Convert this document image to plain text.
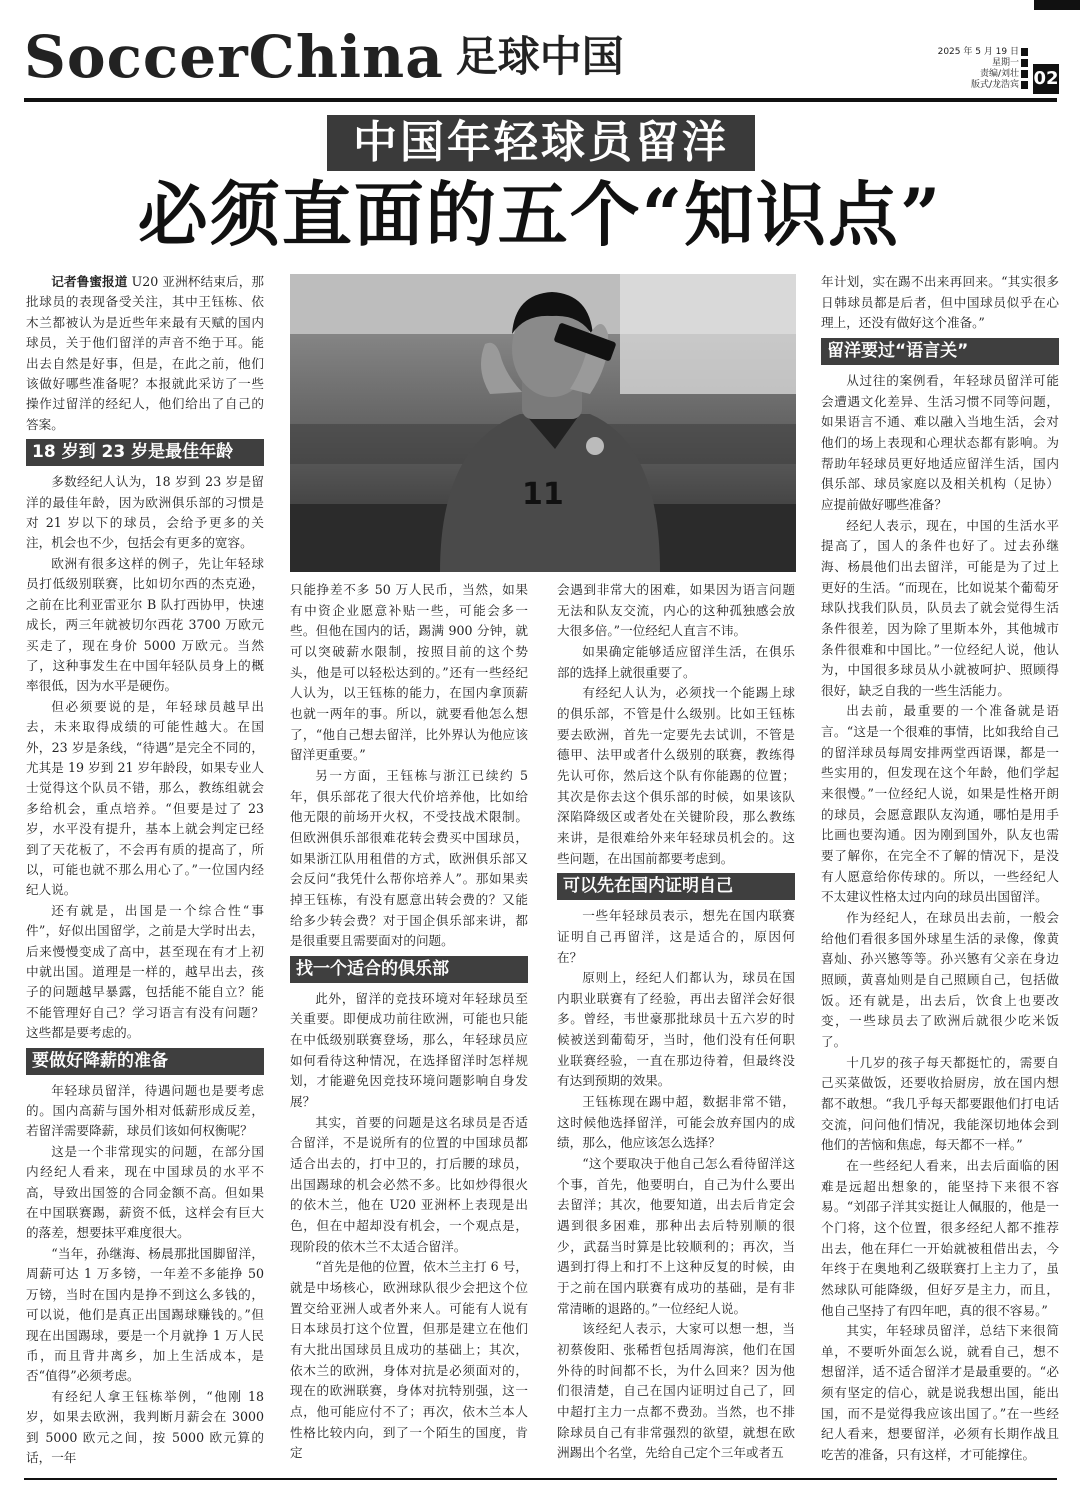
SoccerChina 足球中国	2025 年 5 月 19 日
星期一
责编/刘壮
版式/龙浩宾 02
中国年轻球员留洋
必须直面的五个“知识点”
11

记者鲁蜜报道 U20 亚洲杯结束后，那批球员的表现备受关注，其中王钰栋、依木兰都被认为是近些年来最有天赋的国内球员，关于他们留洋的声音不绝于耳。能出去自然是好事，但是，在此之前，他们该做好哪些准备呢？本报就此采访了一些操作过留洋的经纪人，他们给出了自己的答案。

18 岁到 23 岁是最佳年龄

多数经纪人认为，18 岁到 23 岁是留洋的最佳年龄，因为欧洲俱乐部的习惯是对 21 岁以下的球员，会给予更多的关注，机会也不少，包括会有更多的宽容。

欧洲有很多这样的例子，先让年轻球员打低级别联赛，比如切尔西的杰克逊，之前在比利亚雷亚尔 B 队打西协甲，快速成长，两三年就被切尔西花 3700 万欧元买走了，现在身价 5000 万欧元。当然了，这种事发生在中国年轻队员身上的概率很低，因为水平是硬伤。

但必须要说的是，年轻球员越早出去，未来取得成绩的可能性越大。在国外，23 岁是条线，“待遇”是完全不同的，尤其是 19 岁到 21 岁年龄段，如果专业人士觉得这个队员不错，那么，教练组就会多给机会，重点培养。“但要是过了 23 岁，水平没有提升，基本上就会判定已经到了天花板了，不会再有质的提高了，所以，可能也就不那么用心了。”一位国内经纪人说。

还有就是，出国是一个综合性“事件”，好似出国留学，之前是大学时出去，后来慢慢变成了高中，甚至现在有才上初中就出国。道理是一样的，越早出去，孩子的问题越早暴露，包括能不能自立？能不能管理好自己？学习语言有没有问题？这些都是要考虑的。

要做好降薪的准备

年轻球员留洋，待遇问题也是要考虑的。国内高薪与国外相对低薪形成反差，若留洋需要降薪，球员们该如何权衡呢？

这是一个非常现实的问题，在部分国内经纪人看来，现在中国球员的水平不高，导致出国签的合同金额不高。但如果在中国联赛踢，薪资不低，这样会有巨大的落差，想要抹平难度很大。

“当年，孙继海、杨晨那批国脚留洋，周薪可达 1 万多镑，一年差不多能挣 50 万镑，当时在国内是挣不到这么多钱的，可以说，他们是真正出国踢球赚钱的。”但现在出国踢球，要是一个月就挣 1 万人民币，而且背井离乡，加上生活成本，是否“值得”必须考虑。

有经纪人拿王钰栋举例，“他刚 18 岁，如果去欧洲，我判断月薪会在 3000 到 5000 欧元之间，按 5000 欧元算的话，一年

只能挣差不多 50 万人民币，当然，如果有中资企业愿意补贴一些，可能会多一些。但他在国内的话，踢满 900 分钟，就可以突破薪水限制，按照目前的这个势头，他是可以轻松达到的。”还有一些经纪人认为，以王钰栋的能力，在国内拿顶薪也就一两年的事。所以，就要看他怎么想了，“他自己想去留洋，比外界认为他应该留洋更重要。”

另一方面，王钰栋与浙江已续约 5 年，俱乐部花了很大代价培养他，比如给他无限的前场开火权，不受技战术限制。但欧洲俱乐部很难花转会费买中国球员，如果浙江队用租借的方式，欧洲俱乐部又会反问“我凭什么帮你培养人”。那如果卖掉王钰栋，有没有愿意出转会费的？又能给多少转会费？对于国企俱乐部来讲，都是很重要且需要面对的问题。

找一个适合的俱乐部

此外，留洋的竞技环境对年轻球员至关重要。即便成功前往欧洲，可能也只能在中低级别联赛登场，那么，年轻球员应如何看待这种情况，在选择留洋时怎样规划，才能避免因竞技环境问题影响自身发展？

其实，首要的问题是这名球员是否适合留洋，不是说所有的位置的中国球员都适合出去的，打中卫的，打后腰的球员，出国踢球的机会必然不多。比如炒得很火的依木兰，他在 U20 亚洲杯上表现是出色，但在中超却没有机会，一个观点是，现阶段的依木兰不太适合留洋。

“首先是他的位置，依木兰主打 6 号，就是中场核心，欧洲球队很少会把这个位置交给亚洲人或者外来人。可能有人说有日本球员打这个位置，但那是建立在他们有大批出国球员且成功的基础上；其次，依木兰的欧洲，身体对抗是必须面对的，现在的欧洲联赛，身体对抗特别强，这一点，他可能应付不了；再次，依木兰本人性格比较内向，到了一个陌生的国度，肯定

会遇到非常大的困难，如果因为语言问题无法和队友交流，内心的这种孤独感会放大很多倍。”一位经纪人直言不讳。

如果确定能够适应留洋生活，在俱乐部的选择上就很重要了。

有经纪人认为，必须找一个能踢上球的俱乐部，不管是什么级别。比如王钰栋要去欧洲，首先一定要先去试训，不管是德甲、法甲或者什么级别的联赛，教练得先认可你，然后这个队有你能踢的位置；其次是你去这个俱乐部的时候，如果该队深陷降级区或者处在关键阶段，那么教练来讲，是很难给外来年轻球员机会的。这些问题，在出国前都要考虑到。

可以先在国内证明自己

一些年轻球员表示，想先在国内联赛证明自己再留洋，这是适合的，原因何在？

原则上，经纪人们都认为，球员在国内职业联赛有了经验，再出去留洋会好很多。曾经，韦世豪那批球员十五六岁的时候被送到葡萄牙，当时，他们没有任何职业联赛经验，一直在那边待着，但最终没有达到预期的效果。

王钰栋现在踢中超，数据非常不错，这时候他选择留洋，可能会放弃国内的成绩，那么，他应该怎么选择？

“这个要取决于他自己怎么看待留洋这个事，首先，他要明白，自己为什么要出去留洋；其次，他要知道，出去后肯定会遇到很多困难，那种出去后特别顺的很少，武磊当时算是比较顺利的；再次，当遇到打得上和打不上这种反复的时候，由于之前在国内联赛有成功的基础，是有非常清晰的退路的。”一位经纪人说。

该经纪人表示，大家可以想一想，当初蔡俊阳、张稀哲包括周海滨，他们在国外待的时间都不长，为什么回来？因为他们很清楚，自己在国内证明过自己了，回中超打主力一点都不费劲。当然，也不排除球员自己有非常强烈的欲望，就想在欧洲踢出个名堂，先给自己定个三年或者五

年计划，实在踢不出来再回来。“其实很多日韩球员都是后者，但中国球员似乎在心理上，还没有做好这个准备。”

留洋要过“语言关”

从过往的案例看，年轻球员留洋可能会遭遇文化差异、生活习惯不同等问题，如果语言不通、难以融入当地生活，会对他们的场上表现和心理状态都有影响。为帮助年轻球员更好地适应留洋生活，国内俱乐部、球员家庭以及相关机构（足协）应提前做好哪些准备？

经纪人表示，现在，中国的生活水平提高了，国人的条件也好了。过去孙继海、杨晨他们出去留洋，可能是为了过上更好的生活。“而现在，比如说某个葡萄牙球队找我们队员，队员去了就会觉得生活条件很差，因为除了里斯本外，其他城市条件很难和中国比。”一位经纪人说，他认为，中国很多球员从小就被呵护、照顾得很好，缺乏自我的一些生活能力。

出去前，最重要的一个准备就是语言。“这是一个很难的事情，比如我给自己的留洋球员每周安排两堂西语课，都是一些实用的，但发现在这个年龄，他们学起来很慢。”一位经纪人说，如果是性格开朗的球员，会愿意跟队友沟通，哪怕是用手比画也要沟通。因为刚到国外，队友也需要了解你，在完全不了解的情况下，是没有人愿意给你传球的。所以，一些经纪人不太建议性格太过内向的球员出国留洋。

作为经纪人，在球员出去前，一般会给他们看很多国外球星生活的录像，像黄喜灿、孙兴慜等等。孙兴慜有父亲在身边照顾，黄喜灿则是自己照顾自己，包括做饭。还有就是，出去后，饮食上也要改变，一些球员去了欧洲后就很少吃米饭了。

十几岁的孩子每天都挺忙的，需要自己买菜做饭，还要收拾厨房，放在国内想都不敢想。“我几乎每天都要跟他们打电话交流，问问他们情况，我能深切地体会到他们的苦恼和焦虑，每天都不一样。”

在一些经纪人看来，出去后面临的困难是远超出想象的，能坚持下来很不容易。“刘邵子洋其实挺让人佩服的，他是一个门将，这个位置，很多经纪人都不推荐出去，他在拜仁一开始就被租借出去，今年终于在奥地利乙级联赛打上主力了，虽然球队可能降级，但好歹是主力，而且，他自己坚持了有四年吧，真的很不容易。”

其实，年轻球员留洋，总结下来很简单，不要听外面怎么说，就看自己，想不想留洋，适不适合留洋才是最重要的。“必须有坚定的信心，就是说我想出国，能出国，而不是觉得我应该出国了。”在一些经纪人看来，想要留洋，必须有长期作战且吃苦的准备，只有这样，才可能撑住。
